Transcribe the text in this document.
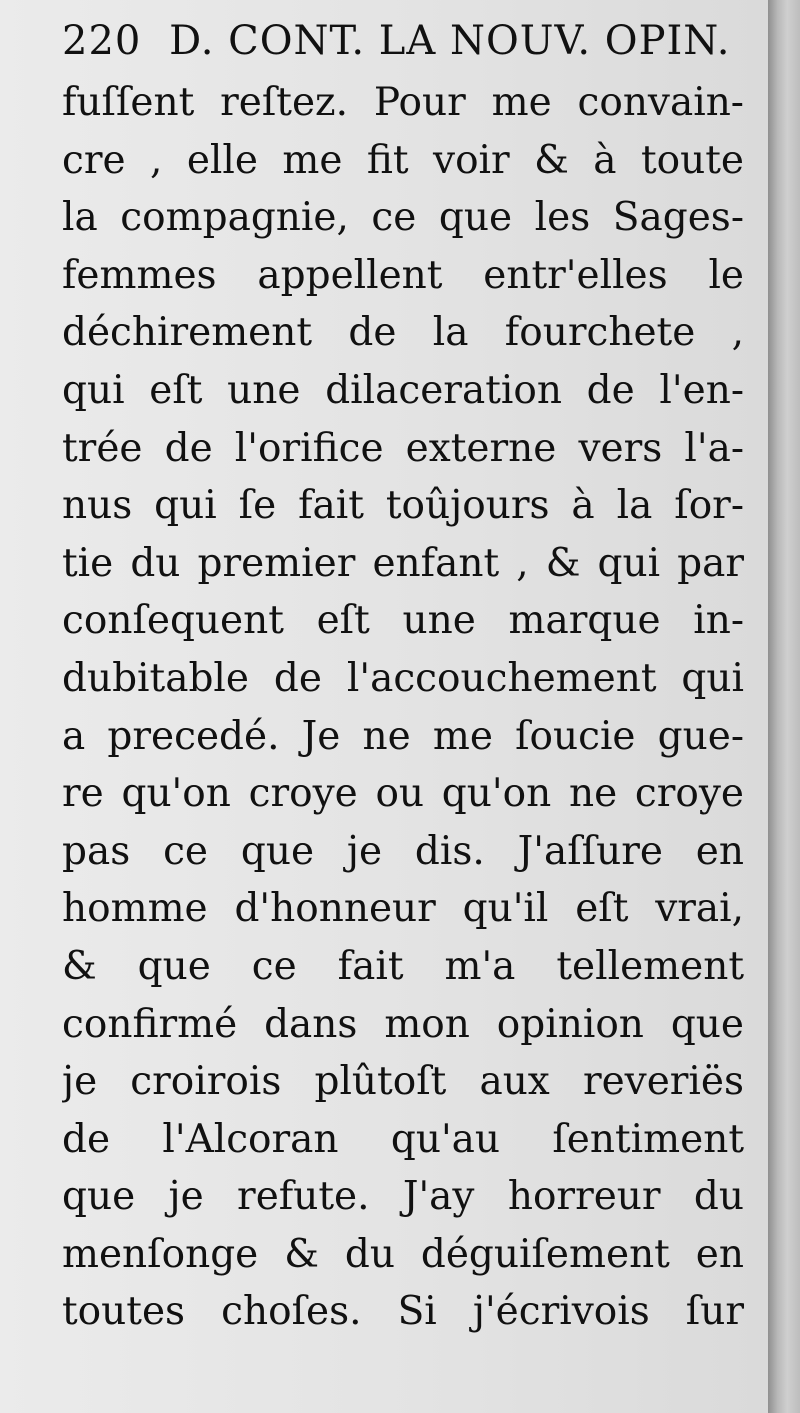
220 D. CONT. LA NOUV. OPIN.
fuſſent reſtez. Pour me convain-
cre , elle me fit voir & à toute
la compagnie, ce que les Sages-
femmes appellent entr'elles le
déchirement de la fourchete ,
qui eſt une dilaceration de l'en-
trée de l'orifice externe vers l'a-
nus qui ſe fait toûjours à la ſor-
tie du premier enfant , & qui par
conſequent eſt une marque in-
dubitable de l'accouchement qui
a precedé. Je ne me ſoucie gue-
re qu'on croye ou qu'on ne croye
pas ce que je dis. J'aſſure en
homme d'honneur qu'il eſt vrai,
& que ce fait m'a tellement
confirmé dans mon opinion que
je croirois plûtoſt aux reveriës
de l'Alcoran qu'au ſentiment
que je refute. J'ay horreur du
menſonge & du déguiſement en
toutes choſes. Si j'écrivois ſur
